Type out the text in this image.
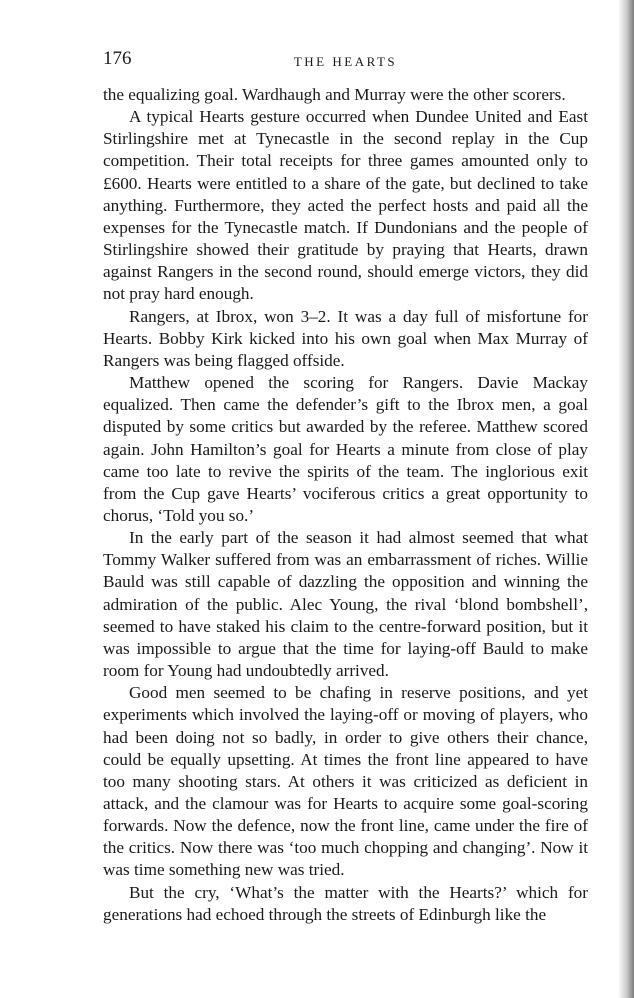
176	THE HEARTS

the equalizing goal. Wardhaugh and Murray were the other scorers.

A typical Hearts gesture occurred when Dundee United and East Stirlingshire met at Tynecastle in the second replay in the Cup competition. Their total receipts for three games amounted only to £600. Hearts were entitled to a share of the gate, but declined to take anything. Furthermore, they acted the perfect hosts and paid all the expenses for the Tynecastle match. If Dundonians and the people of Stirlingshire showed their gratitude by praying that Hearts, drawn against Rangers in the second round, should emerge victors, they did not pray hard enough.

Rangers, at Ibrox, won 3–2. It was a day full of misfortune for Hearts. Bobby Kirk kicked into his own goal when Max Murray of Rangers was being flagged offside.

Matthew opened the scoring for Rangers. Davie Mackay equalized. Then came the defender’s gift to the Ibrox men, a goal disputed by some critics but awarded by the referee. Matthew scored again. John Hamilton’s goal for Hearts a minute from close of play came too late to revive the spirits of the team. The inglorious exit from the Cup gave Hearts’ vociferous critics a great opportunity to chorus, ‘Told you so.’

In the early part of the season it had almost seemed that what Tommy Walker suffered from was an embarrassment of riches. Willie Bauld was still capable of dazzling the opposition and winning the admiration of the public. Alec Young, the rival ‘blond bombshell’, seemed to have staked his claim to the centre-forward position, but it was impossible to argue that the time for laying-off Bauld to make room for Young had undoubtedly arrived.

Good men seemed to be chafing in reserve positions, and yet experiments which involved the laying-off or moving of players, who had been doing not so badly, in order to give others their chance, could be equally upsetting. At times the front line appeared to have too many shooting stars. At others it was criticized as deficient in attack, and the clamour was for Hearts to acquire some goal-scoring forwards. Now the defence, now the front line, came under the fire of the critics. Now there was ‘too much chopping and changing’. Now it was time something new was tried.

But the cry, ‘What’s the matter with the Hearts?’ which for generations had echoed through the streets of Edinburgh like the
